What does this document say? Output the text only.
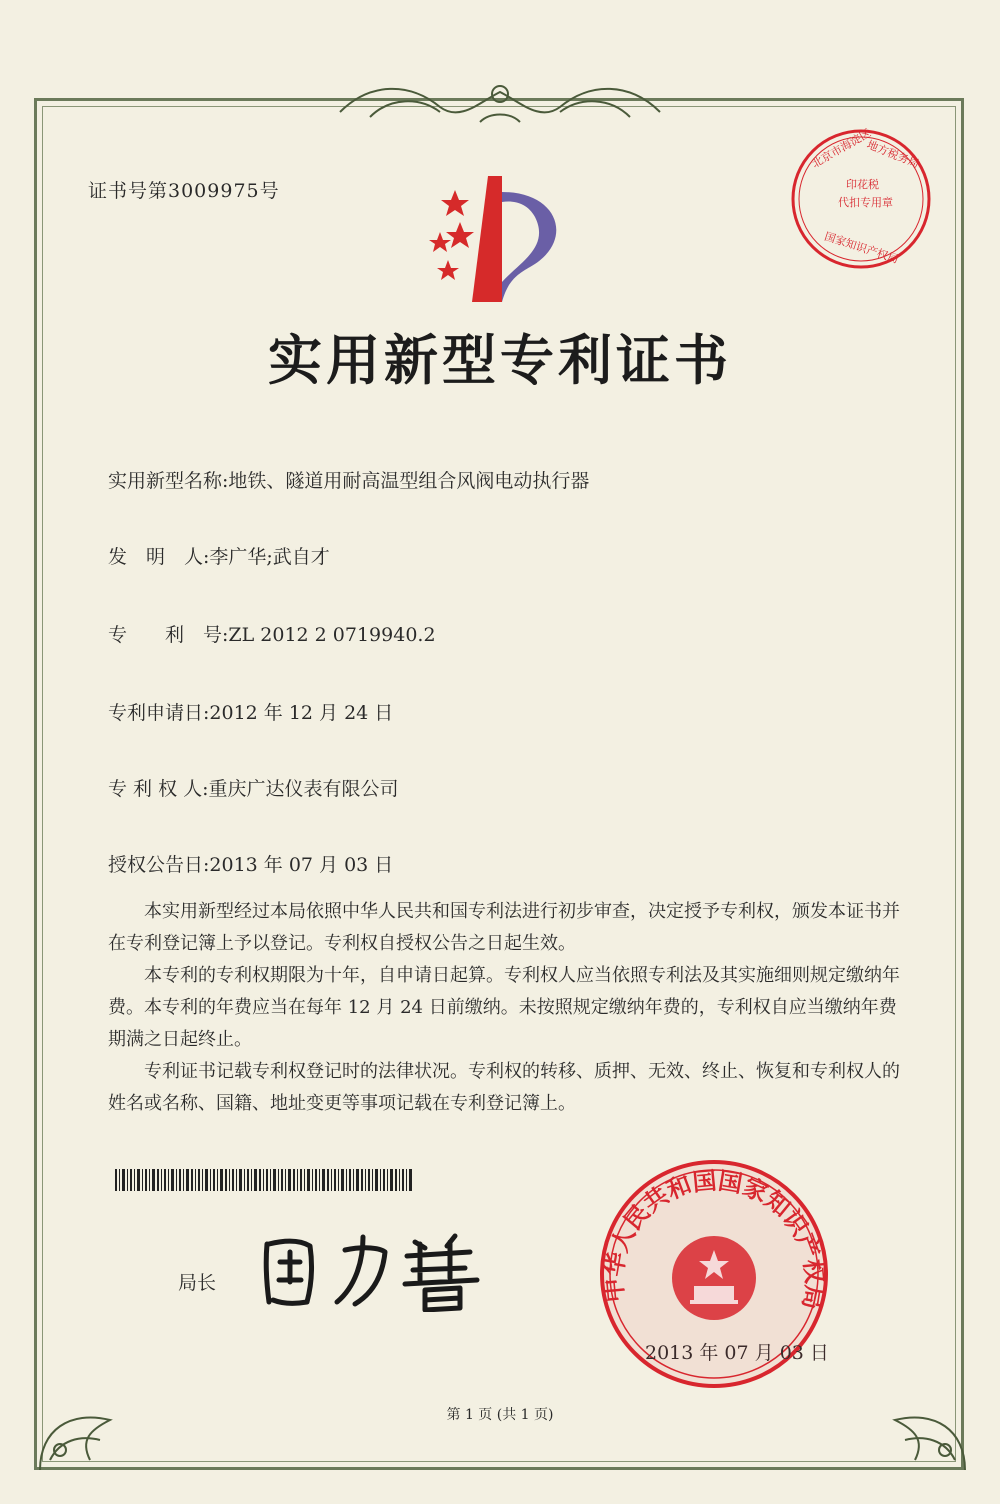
证书号第3009975号
实用新型专利证书
实用新型名称:地铁、隧道用耐高温型组合风阀电动执行器
发　明　人:李广华;武自才
专　　利　号:ZL 2012 2 0719940.2
专利申请日:2012 年 12 月 24 日
专 利 权 人:重庆广达仪表有限公司
授权公告日:2013 年 07 月 03 日

本实用新型经过本局依照中华人民共和国专利法进行初步审查，决定授予专利权，颁发本证书并在专利登记簿上予以登记。专利权自授权公告之日起生效。

本专利的专利权期限为十年，自申请日起算。专利权人应当依照专利法及其实施细则规定缴纳年费。本专利的年费应当在每年 12 月 24 日前缴纳。未按照规定缴纳年费的，专利权自应当缴纳年费期满之日起终止。

专利证书记载专利权登记时的法律状况。专利权的转移、质押、无效、终止、恢复和专利权人的姓名或名称、国籍、地址变更等事项记载在专利登记簿上。

局长
北京市海淀区
地方税务局
印花税
代扣专用章
国家知识产权局
中华人民共和国国家知识产权局
2013 年 07 月 03 日
第 1 页 (共 1 页)
